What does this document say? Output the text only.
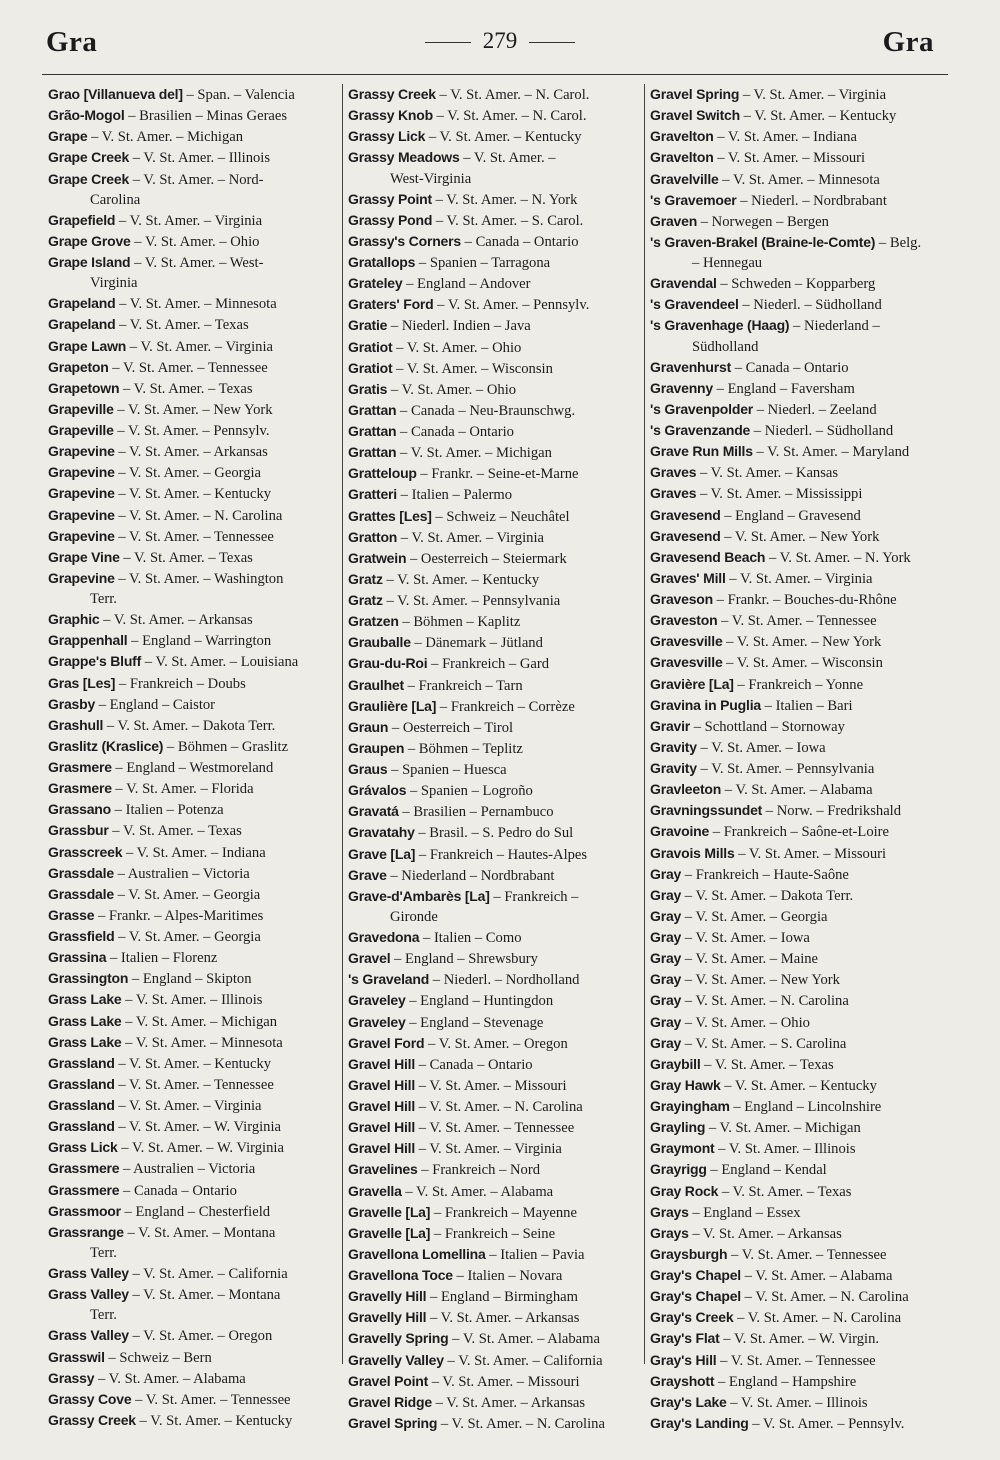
Gra	279	Gra
Grao [Villanueva del] – Span. – Valencia
Grão-Mogol – Brasilien – Minas Geraes
Grape – V. St. Amer. – Michigan
Grape Creek – V. St. Amer. – Illinois
Grape Creek – V. St. Amer. – Nord-
Carolina
Grapefield – V. St. Amer. – Virginia
Grape Grove – V. St. Amer. – Ohio
Grape Island – V. St. Amer. – West-
Virginia
Grapeland – V. St. Amer. – Minnesota
Grapeland – V. St. Amer. – Texas
Grape Lawn – V. St. Amer. – Virginia
Grapeton – V. St. Amer. – Tennessee
Grapetown – V. St. Amer. – Texas
Grapeville – V. St. Amer. – New York
Grapeville – V. St. Amer. – Pennsylv.
Grapevine – V. St. Amer. – Arkansas
Grapevine – V. St. Amer. – Georgia
Grapevine – V. St. Amer. – Kentucky
Grapevine – V. St. Amer. – N. Carolina
Grapevine – V. St. Amer. – Tennessee
Grape Vine – V. St. Amer. – Texas
Grapevine – V. St. Amer. – Washington
Terr.
Graphic – V. St. Amer. – Arkansas
Grappenhall – England – Warrington
Grappe's Bluff – V. St. Amer. – Louisiana
Gras [Les] – Frankreich – Doubs
Grasby – England – Caistor
Grashull – V. St. Amer. – Dakota Terr.
Graslitz (Kraslice) – Böhmen – Graslitz
Grasmere – England – Westmoreland
Grasmere – V. St. Amer. – Florida
Grassano – Italien – Potenza
Grassbur – V. St. Amer. – Texas
Grasscreek – V. St. Amer. – Indiana
Grassdale – Australien – Victoria
Grassdale – V. St. Amer. – Georgia
Grasse – Frankr. – Alpes-Maritimes
Grassfield – V. St. Amer. – Georgia
Grassina – Italien – Florenz
Grassington – England – Skipton
Grass Lake – V. St. Amer. – Illinois
Grass Lake – V. St. Amer. – Michigan
Grass Lake – V. St. Amer. – Minnesota
Grassland – V. St. Amer. – Kentucky
Grassland – V. St. Amer. – Tennessee
Grassland – V. St. Amer. – Virginia
Grassland – V. St. Amer. – W. Virginia
Grass Lick – V. St. Amer. – W. Virginia
Grassmere – Australien – Victoria
Grassmere – Canada – Ontario
Grassmoor – England – Chesterfield
Grassrange – V. St. Amer. – Montana
Terr.
Grass Valley – V. St. Amer. – California
Grass Valley – V. St. Amer. – Montana
Terr.
Grass Valley – V. St. Amer. – Oregon
Grasswil – Schweiz – Bern
Grassy – V. St. Amer. – Alabama
Grassy Cove – V. St. Amer. – Tennessee
Grassy Creek – V. St. Amer. – Kentucky
Grassy Creek – V. St. Amer. – N. Carol.
Grassy Knob – V. St. Amer. – N. Carol.
Grassy Lick – V. St. Amer. – Kentucky
Grassy Meadows – V. St. Amer. –
West-Virginia
Grassy Point – V. St. Amer. – N. York
Grassy Pond – V. St. Amer. – S. Carol.
Grassy's Corners – Canada – Ontario
Gratallops – Spanien – Tarragona
Grateley – England – Andover
Graters' Ford – V. St. Amer. – Pennsylv.
Gratie – Niederl. Indien – Java
Gratiot – V. St. Amer. – Ohio
Gratiot – V. St. Amer. – Wisconsin
Gratis – V. St. Amer. – Ohio
Grattan – Canada – Neu-Braunschwg.
Grattan – Canada – Ontario
Grattan – V. St. Amer. – Michigan
Gratteloup – Frankr. – Seine-et-Marne
Gratteri – Italien – Palermo
Grattes [Les] – Schweiz – Neuchâtel
Gratton – V. St. Amer. – Virginia
Gratwein – Oesterreich – Steiermark
Gratz – V. St. Amer. – Kentucky
Gratz – V. St. Amer. – Pennsylvania
Gratzen – Böhmen – Kaplitz
Grauballe – Dänemark – Jütland
Grau-du-Roi – Frankreich – Gard
Graulhet – Frankreich – Tarn
Graulière [La] – Frankreich – Corrèze
Graun – Oesterreich – Tirol
Graupen – Böhmen – Teplitz
Graus – Spanien – Huesca
Grávalos – Spanien – Logroño
Gravatá – Brasilien – Pernambuco
Gravatahy – Brasil. – S. Pedro do Sul
Grave [La] – Frankreich – Hautes-Alpes
Grave – Niederland – Nordbrabant
Grave-d'Ambarès [La] – Frankreich –
Gironde
Gravedona – Italien – Como
Gravel – England – Shrewsbury
's Graveland – Niederl. – Nordholland
Graveley – England – Huntingdon
Graveley – England – Stevenage
Gravel Ford – V. St. Amer. – Oregon
Gravel Hill – Canada – Ontario
Gravel Hill – V. St. Amer. – Missouri
Gravel Hill – V. St. Amer. – N. Carolina
Gravel Hill – V. St. Amer. – Tennessee
Gravel Hill – V. St. Amer. – Virginia
Gravelines – Frankreich – Nord
Gravella – V. St. Amer. – Alabama
Gravelle [La] – Frankreich – Mayenne
Gravelle [La] – Frankreich – Seine
Gravellona Lomellina – Italien – Pavia
Gravellona Toce – Italien – Novara
Gravelly Hill – England – Birmingham
Gravelly Hill – V. St. Amer. – Arkansas
Gravelly Spring – V. St. Amer. – Alabama
Gravelly Valley – V. St. Amer. – California
Gravel Point – V. St. Amer. – Missouri
Gravel Ridge – V. St. Amer. – Arkansas
Gravel Spring – V. St. Amer. – N. Carolina
Gravel Spring – V. St. Amer. – Virginia
Gravel Switch – V. St. Amer. – Kentucky
Gravelton – V. St. Amer. – Indiana
Gravelton – V. St. Amer. – Missouri
Gravelville – V. St. Amer. – Minnesota
's Gravemoer – Niederl. – Nordbrabant
Graven – Norwegen – Bergen
's Graven-Brakel (Braine-le-Comte) – Belg.
– Hennegau
Gravendal – Schweden – Kopparberg
's Gravendeel – Niederl. – Südholland
's Gravenhage (Haag) – Niederland –
Südholland
Gravenhurst – Canada – Ontario
Gravenny – England – Faversham
's Gravenpolder – Niederl. – Zeeland
's Gravenzande – Niederl. – Südholland
Grave Run Mills – V. St. Amer. – Maryland
Graves – V. St. Amer. – Kansas
Graves – V. St. Amer. – Mississippi
Gravesend – England – Gravesend
Gravesend – V. St. Amer. – New York
Gravesend Beach – V. St. Amer. – N. York
Graves' Mill – V. St. Amer. – Virginia
Graveson – Frankr. – Bouches-du-Rhône
Graveston – V. St. Amer. – Tennessee
Gravesville – V. St. Amer. – New York
Gravesville – V. St. Amer. – Wisconsin
Gravière [La] – Frankreich – Yonne
Gravina in Puglia – Italien – Bari
Gravir – Schottland – Stornoway
Gravity – V. St. Amer. – Iowa
Gravity – V. St. Amer. – Pennsylvania
Gravleeton – V. St. Amer. – Alabama
Gravningssundet – Norw. – Fredrikshald
Gravoine – Frankreich – Saône-et-Loire
Gravois Mills – V. St. Amer. – Missouri
Gray – Frankreich – Haute-Saône
Gray – V. St. Amer. – Dakota Terr.
Gray – V. St. Amer. – Georgia
Gray – V. St. Amer. – Iowa
Gray – V. St. Amer. – Maine
Gray – V. St. Amer. – New York
Gray – V. St. Amer. – N. Carolina
Gray – V. St. Amer. – Ohio
Gray – V. St. Amer. – S. Carolina
Graybill – V. St. Amer. – Texas
Gray Hawk – V. St. Amer. – Kentucky
Grayingham – England – Lincolnshire
Grayling – V. St. Amer. – Michigan
Graymont – V. St. Amer. – Illinois
Grayrigg – England – Kendal
Gray Rock – V. St. Amer. – Texas
Grays – England – Essex
Grays – V. St. Amer. – Arkansas
Graysburgh – V. St. Amer. – Tennessee
Gray's Chapel – V. St. Amer. – Alabama
Gray's Chapel – V. St. Amer. – N. Carolina
Gray's Creek – V. St. Amer. – N. Carolina
Gray's Flat – V. St. Amer. – W. Virgin.
Gray's Hill – V. St. Amer. – Tennessee
Grayshott – England – Hampshire
Gray's Lake – V. St. Amer. – Illinois
Gray's Landing – V. St. Amer. – Pennsylv.
